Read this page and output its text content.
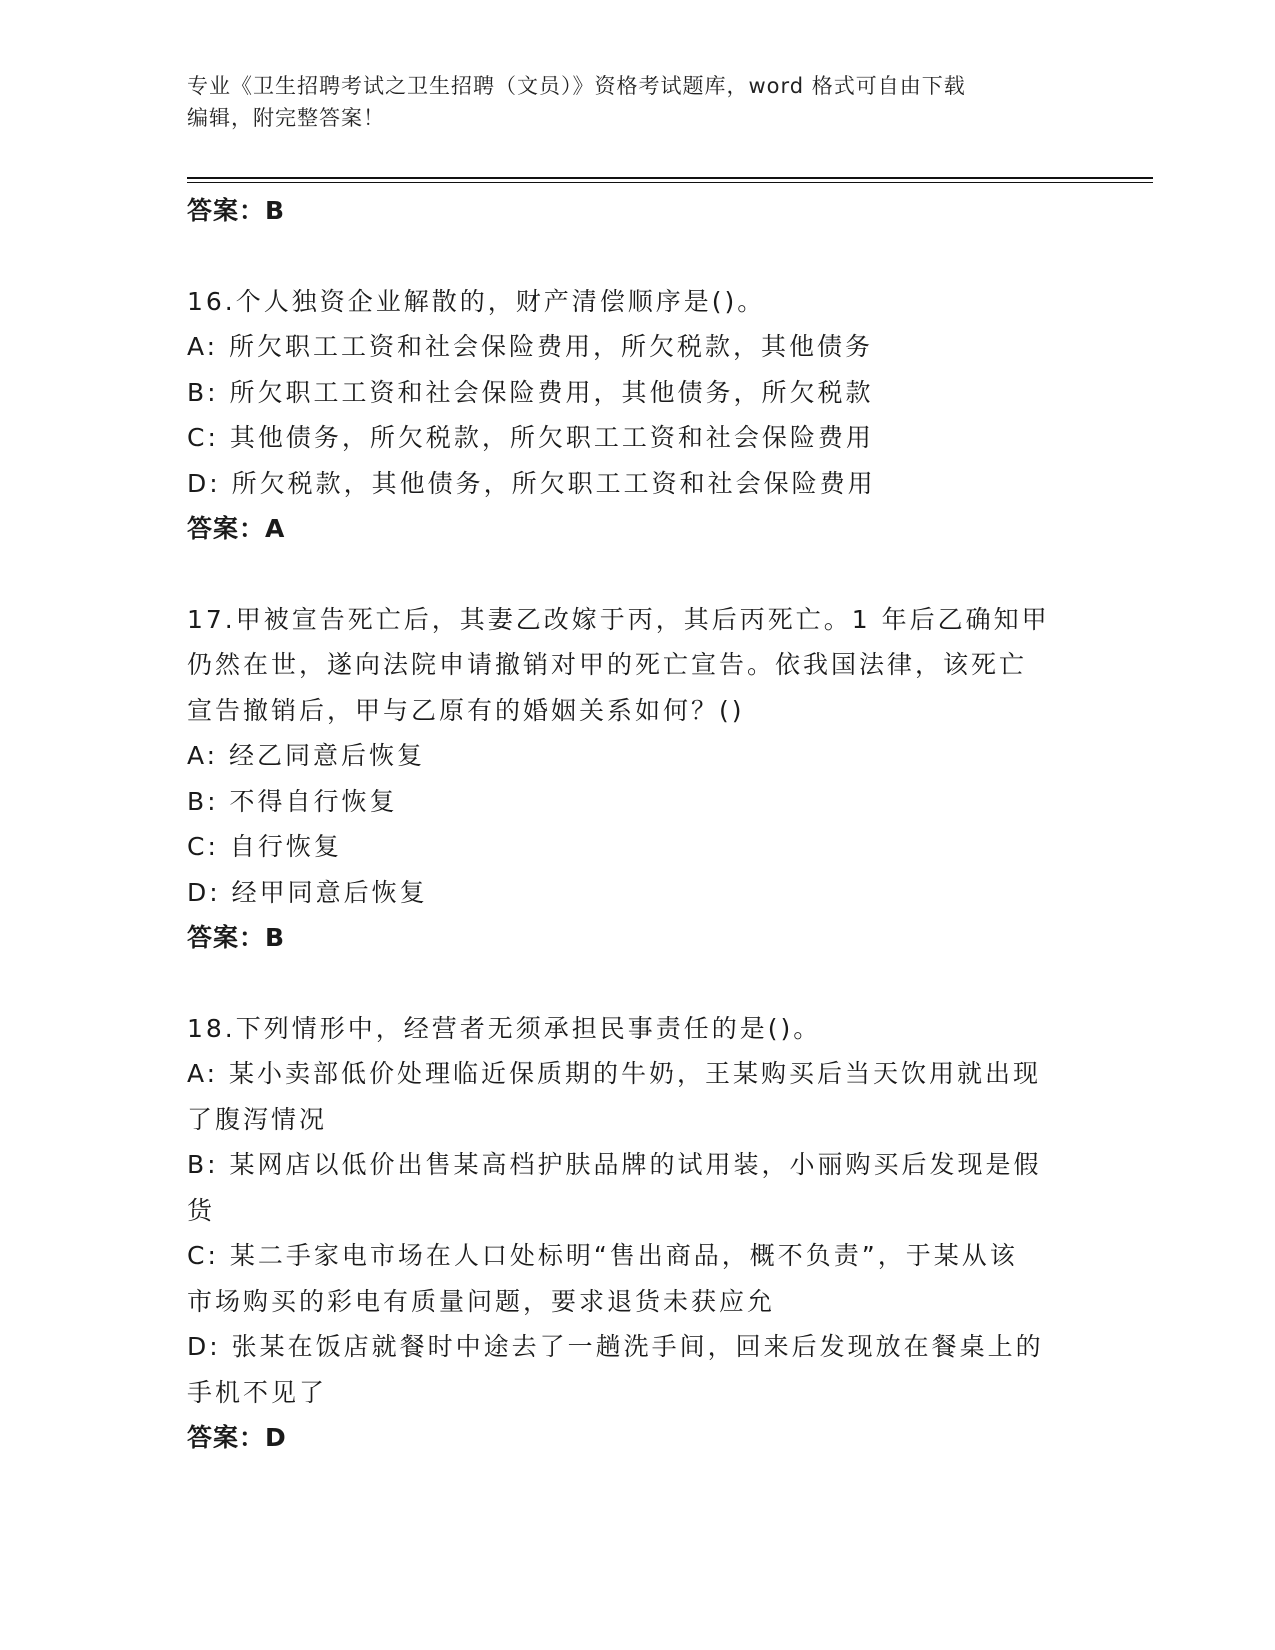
专业《卫生招聘考试之卫生招聘（文员）》资格考试题库，word 格式可自由下载
编辑，附完整答案！
答案：B
16.个人独资企业解散的，财产清偿顺序是()。
A: 所欠职工工资和社会保险费用，所欠税款，其他债务
B: 所欠职工工资和社会保险费用，其他债务，所欠税款
C: 其他债务，所欠税款，所欠职工工资和社会保险费用
D: 所欠税款，其他债务，所欠职工工资和社会保险费用
答案：A
17.甲被宣告死亡后，其妻乙改嫁于丙，其后丙死亡。1 年后乙确知甲
仍然在世，遂向法院申请撤销对甲的死亡宣告。依我国法律，该死亡
宣告撤销后，甲与乙原有的婚姻关系如何？()
A: 经乙同意后恢复
B: 不得自行恢复
C: 自行恢复
D: 经甲同意后恢复
答案：B
18.下列情形中，经营者无须承担民事责任的是()。
A: 某小卖部低价处理临近保质期的牛奶，王某购买后当天饮用就出现
了腹泻情况
B: 某网店以低价出售某高档护肤品牌的试用装，小丽购买后发现是假
货
C: 某二手家电市场在人口处标明“售出商品，概不负责”，于某从该
市场购买的彩电有质量问题，要求退货未获应允
D: 张某在饭店就餐时中途去了一趟洗手间，回来后发现放在餐桌上的
手机不见了
答案：D
